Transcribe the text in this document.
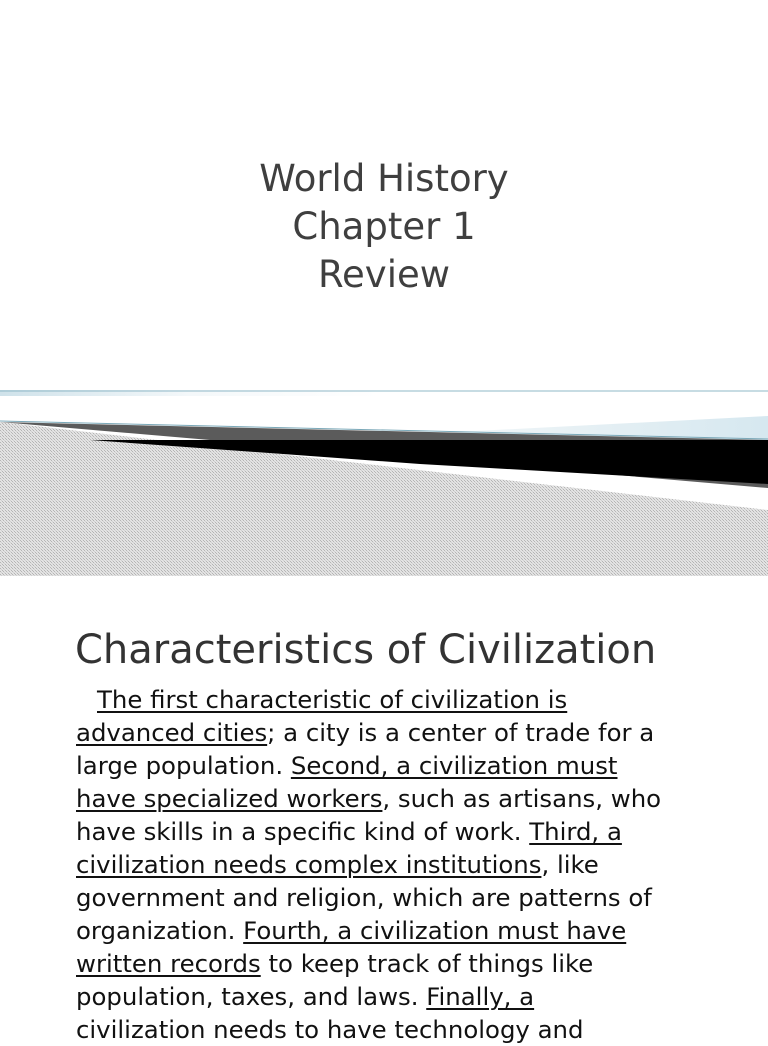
World History
Chapter 1
Review
Characteristics of Civilization
The first characteristic of civilization is
advanced cities; a city is a center of trade for a
large population. Second, a civilization must
have specialized workers, such as artisans, who
have skills in a specific kind of work. Third, a
civilization needs complex institutions, like
government and religion, which are patterns of
organization. Fourth, a civilization must have
written records to keep track of things like
population, taxes, and laws. Finally, a
civilization needs to have technology and
